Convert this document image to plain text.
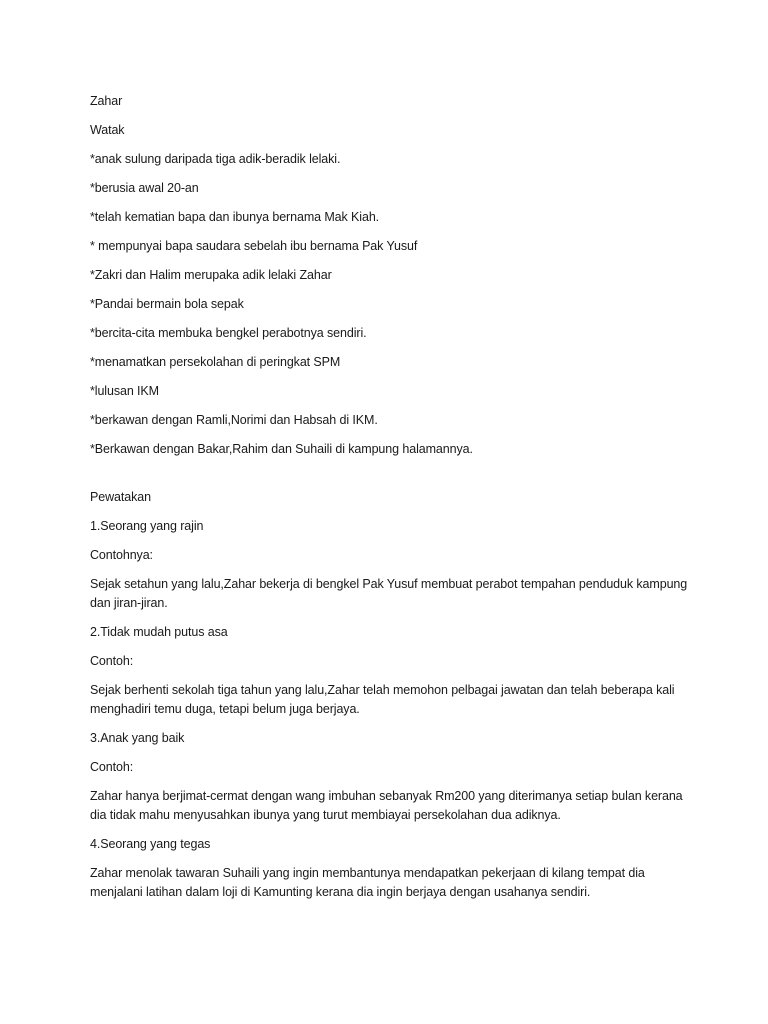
Zahar

Watak

*anak sulung daripada tiga adik-beradik lelaki.

*berusia awal 20-an

*telah kematian bapa dan ibunya bernama Mak Kiah.

* mempunyai bapa saudara sebelah ibu bernama Pak Yusuf

*Zakri dan Halim merupaka adik lelaki Zahar

*Pandai bermain bola sepak

*bercita-cita membuka bengkel perabotnya sendiri.

*menamatkan persekolahan di peringkat SPM

*lulusan IKM

*berkawan dengan Ramli,Norimi dan Habsah di IKM.

*Berkawan dengan Bakar,Rahim dan Suhaili di kampung halamannya.

Pewatakan

1.Seorang yang rajin

Contohnya:

Sejak setahun yang lalu,Zahar bekerja di bengkel Pak Yusuf membuat perabot tempahan penduduk kampung dan jiran-jiran.

2.Tidak mudah putus asa

Contoh:

Sejak berhenti sekolah tiga tahun yang lalu,Zahar telah memohon pelbagai jawatan dan telah beberapa kali menghadiri temu duga, tetapi belum juga berjaya.

3.Anak yang baik

Contoh:

Zahar hanya berjimat-cermat dengan wang imbuhan sebanyak Rm200 yang diterimanya setiap bulan kerana dia tidak mahu menyusahkan ibunya yang turut membiayai persekolahan dua adiknya.

4.Seorang yang tegas

Zahar menolak tawaran Suhaili yang ingin membantunya mendapatkan pekerjaan di kilang tempat dia menjalani latihan dalam loji di Kamunting kerana dia ingin berjaya dengan usahanya sendiri.
